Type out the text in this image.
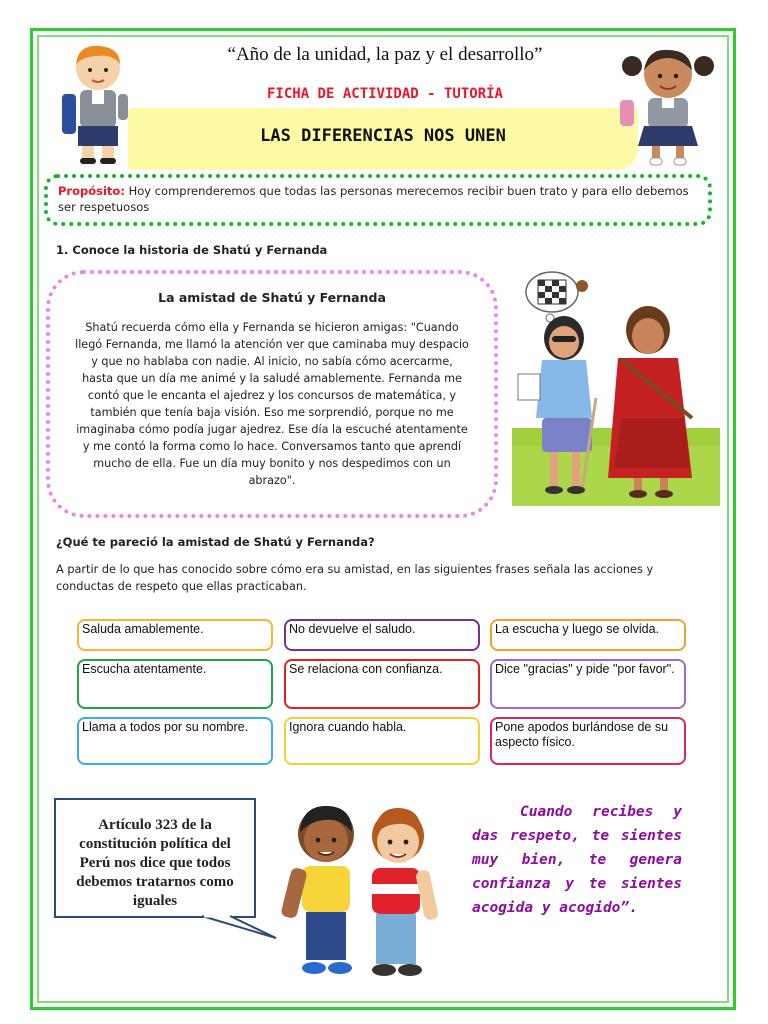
“Año de la unidad, la paz y el desarrollo”
FICHA DE ACTIVIDAD - TUTORÍA
LAS DIFERENCIAS NOS UNEN
Propósito: Hoy comprenderemos que todas las personas merecemos recibir buen trato y para ello debemos ser respetuosos
1. Conoce la historia de Shatú y Fernanda
La amistad de Shatú y Fernanda

Shatú recuerda cómo ella y Fernanda se hicieron amigas: "Cuando llegó Fernanda, me llamó la atención ver que caminaba muy despacio y que no hablaba con nadie. Al inicio, no sabía cómo acercarme, hasta que un día me animé y la saludé amablemente. Fernanda me contó que le encanta el ajedrez y los concursos de matemática, y también que tenía baja visión. Eso me sorprendió, porque no me imaginaba cómo podía jugar ajedrez. Ese día la escuché atentamente y me contó la forma como lo hace. Conversamos tanto que aprendí mucho de ella. Fue un día muy bonito y nos despedimos con un abrazo".

¿Qué te pareció la amistad de Shatú y Fernanda?
A partir de lo que has conocido sobre cómo era su amistad, en las siguientes frases señala las acciones y conductas de respeto que ellas practicaban.
Saluda amablemente.	No devuelve el saludo.	La escucha y luego se olvida.
Escucha atentamente.	Se relaciona con confianza.	Dice "gracias" y pide "por favor".
Llama a todos por su nombre.	Ignora cuando habla.	Pone apodos burlándose de su aspecto físico.
Artículo 323 de la constitución política del Perú nos dice que todos debemos tratarnos como iguales
Cuando recibes y das respeto, te sientes muy bien, te genera confianza y te sientes acogida y acogido”.
